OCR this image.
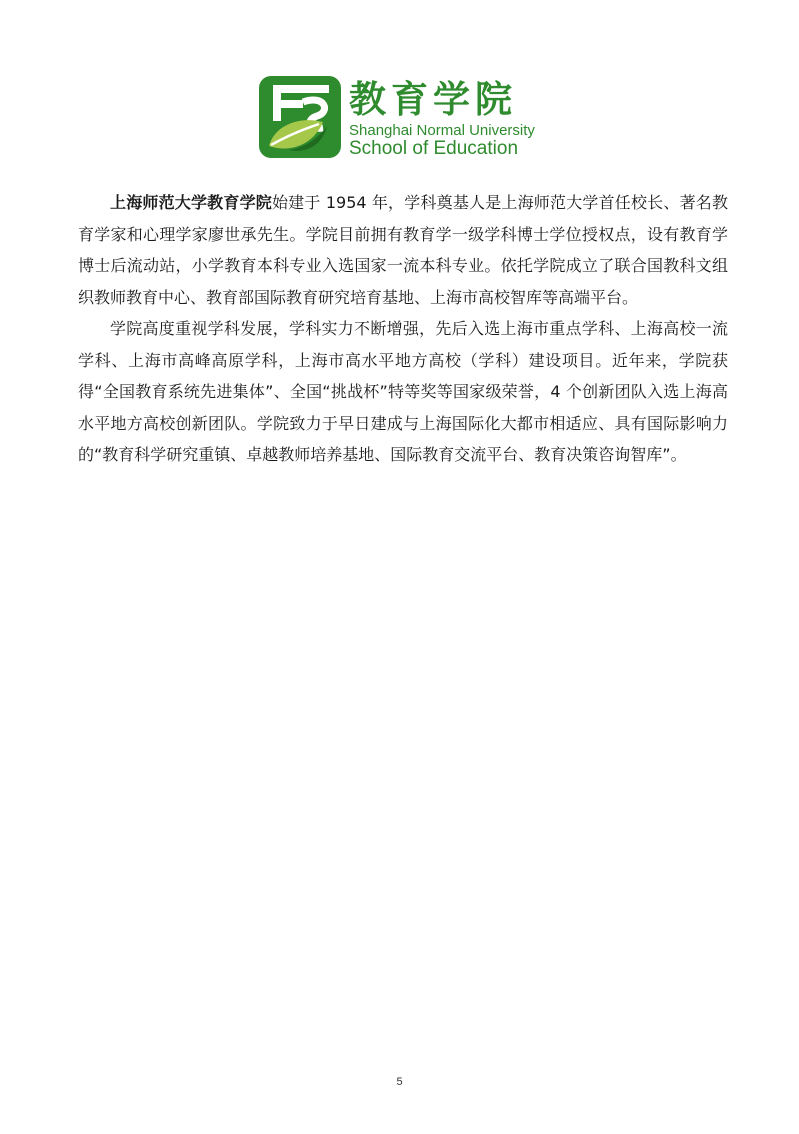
教育学院
Shanghai Normal University
School of Education

上海师范大学教育学院始建于 1954 年，学科奠基人是上海师范大学首任校长、著名教育学家和心理学家廖世承先生。学院目前拥有教育学一级学科博士学位授权点，设有教育学博士后流动站，小学教育本科专业入选国家一流本科专业。依托学院成立了联合国教科文组织教师教育中心、教育部国际教育研究培育基地、上海市高校智库等高端平台。

学院高度重视学科发展，学科实力不断增强，先后入选上海市重点学科、上海高校一流学科、上海市高峰高原学科，上海市高水平地方高校（学科）建设项目。近年来，学院获得“全国教育系统先进集体”、全国“挑战杯”特等奖等国家级荣誉，4 个创新团队入选上海高水平地方高校创新团队。学院致力于早日建成与上海国际化大都市相适应、具有国际影响力的“教育科学研究重镇、卓越教师培养基地、国际教育交流平台、教育决策咨询智库”。

5
